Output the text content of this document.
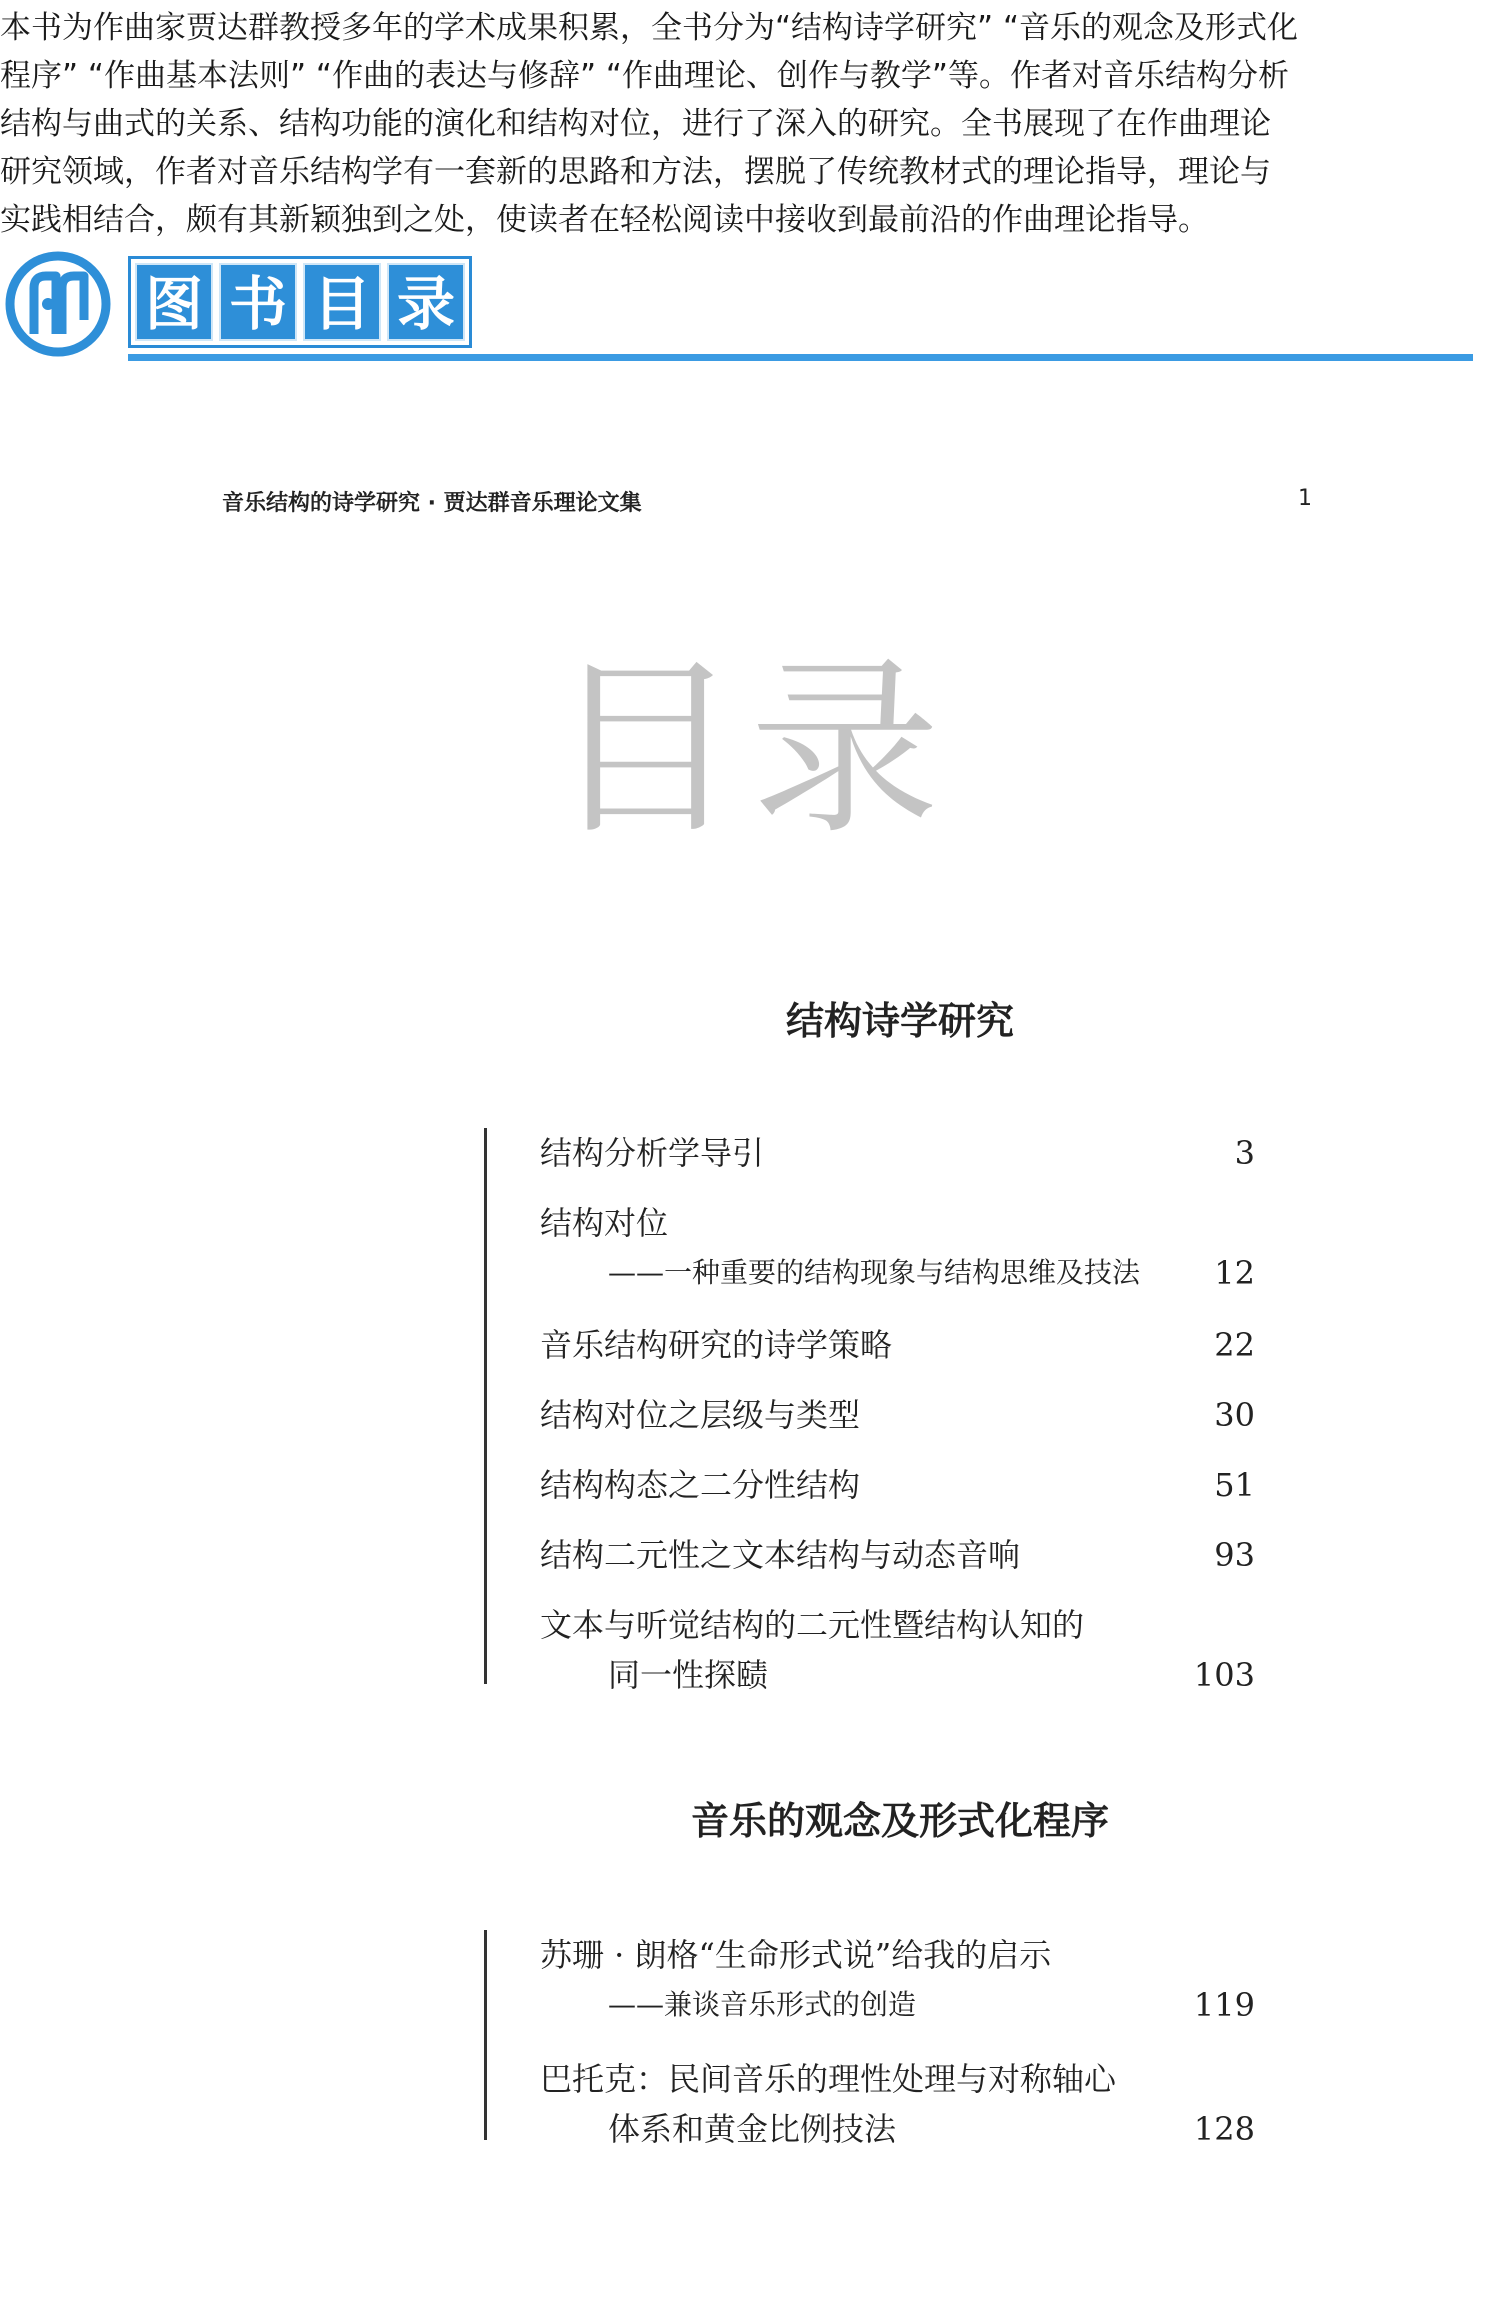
本书为作曲家贾达群教授多年的学术成果积累，全书分为“结构诗学研究” “音乐的观念及形式化
程序” “作曲基本法则” “作曲的表达与修辞” “作曲理论、创作与教学”等。作者对音乐结构分析
结构与曲式的关系、结构功能的演化和结构对位，进行了深入的研究。全书展现了在作曲理论
研究领域，作者对音乐结构学有一套新的思路和方法，摆脱了传统教材式的理论指导，理论与
实践相结合，颇有其新颖独到之处，使读者在轻松阅读中接收到最前沿的作曲理论指导。
图 书 目 录
音乐结构的诗学研究 · 贾达群音乐理论文集	1
目录
结构诗学研究
结构分析学导引	3
结构对位
——一种重要的结构现象与结构思维及技法 12
音乐结构研究的诗学策略	22
结构对位之层级与类型	30
结构构态之二分性结构	51
结构二元性之文本结构与动态音响	93
文本与听觉结构的二元性暨结构认知的
同一性探赜	103
音乐的观念及形式化程序
苏珊 · 朗格“生命形式说”给我的启示
——兼谈音乐形式的创造	119
巴托克：民间音乐的理性处理与对称轴心
体系和黄金比例技法	128
